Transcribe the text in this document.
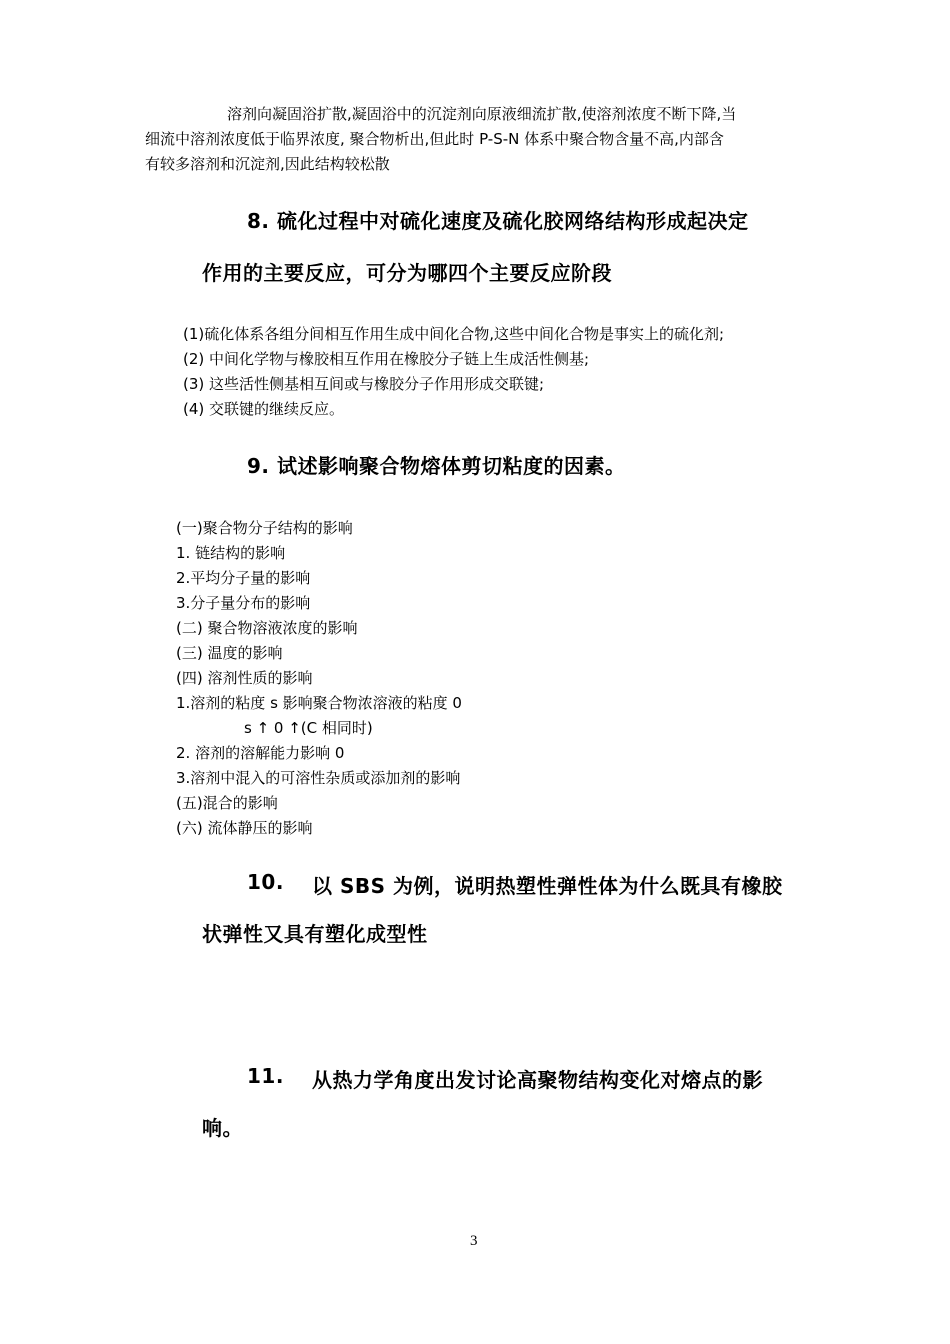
溶剂向凝固浴扩散,凝固浴中的沉淀剂向原液细流扩散,使溶剂浓度不断下降,当
细流中溶剂浓度低于临界浓度, 聚合物析出,但此时 P-S-N 体系中聚合物含量不高,内部含
有较多溶剂和沉淀剂,因此结构较松散
8. 硫化过程中对硫化速度及硫化胶网络结构形成起决定
作用的主要反应，可分为哪四个主要反应阶段
(1)硫化体系各组分间相互作用生成中间化合物,这些中间化合物是事实上的硫化剂;
(2) 中间化学物与橡胶相互作用在橡胶分子链上生成活性侧基;
(3) 这些活性侧基相互间或与橡胶分子作用形成交联键;
(4) 交联键的继续反应。
9. 试述影响聚合物熔体剪切粘度的因素。
(一)聚合物分子结构的影响
1. 链结构的影响
2.平均分子量的影响
3.分子量分布的影响
(二) 聚合物溶液浓度的影响
(三) 温度的影响
(四) 溶剂性质的影响
1.溶剂的粘度 s 影响聚合物浓溶液的粘度 0
s ↑ 0 ↑(C 相同时)
2. 溶剂的溶解能力影响 0
3.溶剂中混入的可溶性杂质或添加剂的影响
(五)混合的影响
(六) 流体静压的影响
10. 以 SBS 为例，说明热塑性弹性体为什么既具有橡胶
状弹性又具有塑化成型性
11. 从热力学角度出发讨论高聚物结构变化对熔点的影
响。
3
